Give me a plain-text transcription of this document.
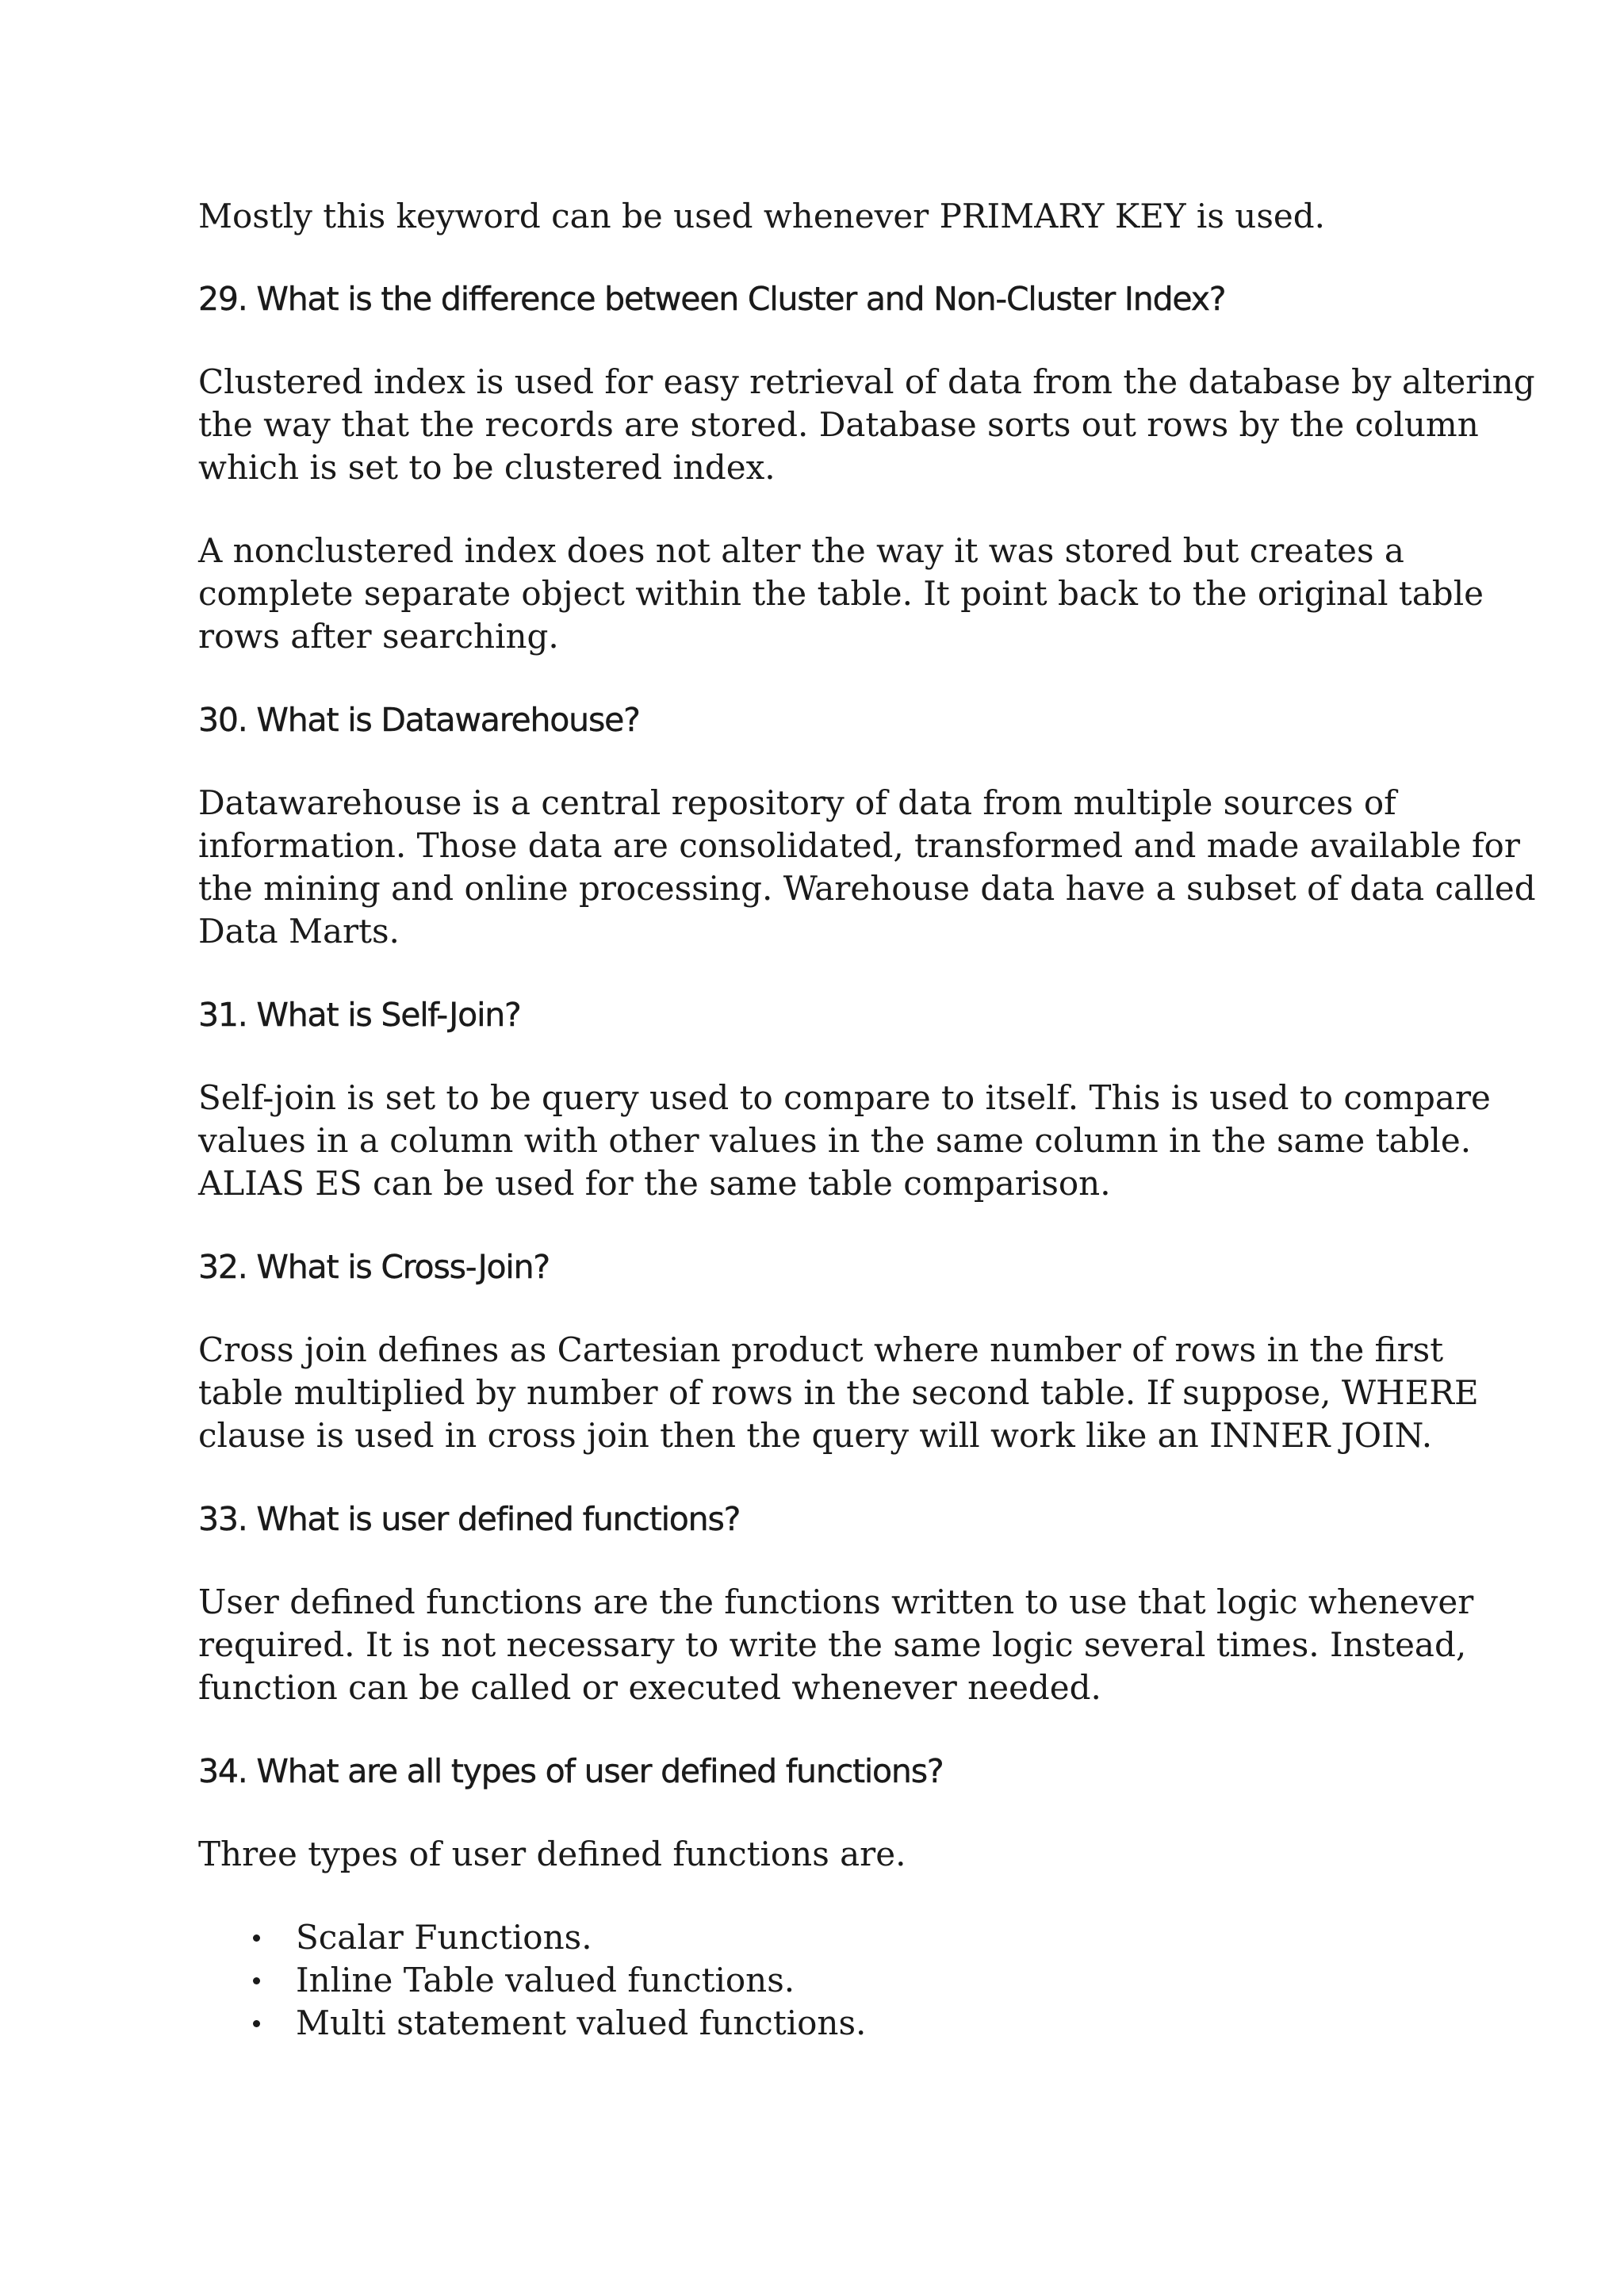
Mostly this keyword can be used whenever PRIMARY KEY is used.

29. What is the difference between Cluster and Non-Cluster Index?

Clustered index is used for easy retrieval of data from the database by altering
the way that the records are stored. Database sorts out rows by the column
which is set to be clustered index.

A nonclustered index does not alter the way it was stored but creates a
complete separate object within the table. It point back to the original table
rows after searching.

30. What is Datawarehouse?

Datawarehouse is a central repository of data from multiple sources of
information. Those data are consolidated, transformed and made available for
the mining and online processing. Warehouse data have a subset of data called
Data Marts.

31. What is Self-Join?

Self-join is set to be query used to compare to itself. This is used to compare
values in a column with other values in the same column in the same table.
ALIAS ES can be used for the same table comparison.

32. What is Cross-Join?

Cross join defines as Cartesian product where number of rows in the first
table multiplied by number of rows in the second table. If suppose, WHERE
clause is used in cross join then the query will work like an INNER JOIN.

33. What is user defined functions?

User defined functions are the functions written to use that logic whenever
required. It is not necessary to write the same logic several times. Instead,
function can be called or executed whenever needed.

34. What are all types of user defined functions?

Three types of user defined functions are.

Scalar Functions.
Inline Table valued functions.
Multi statement valued functions.
